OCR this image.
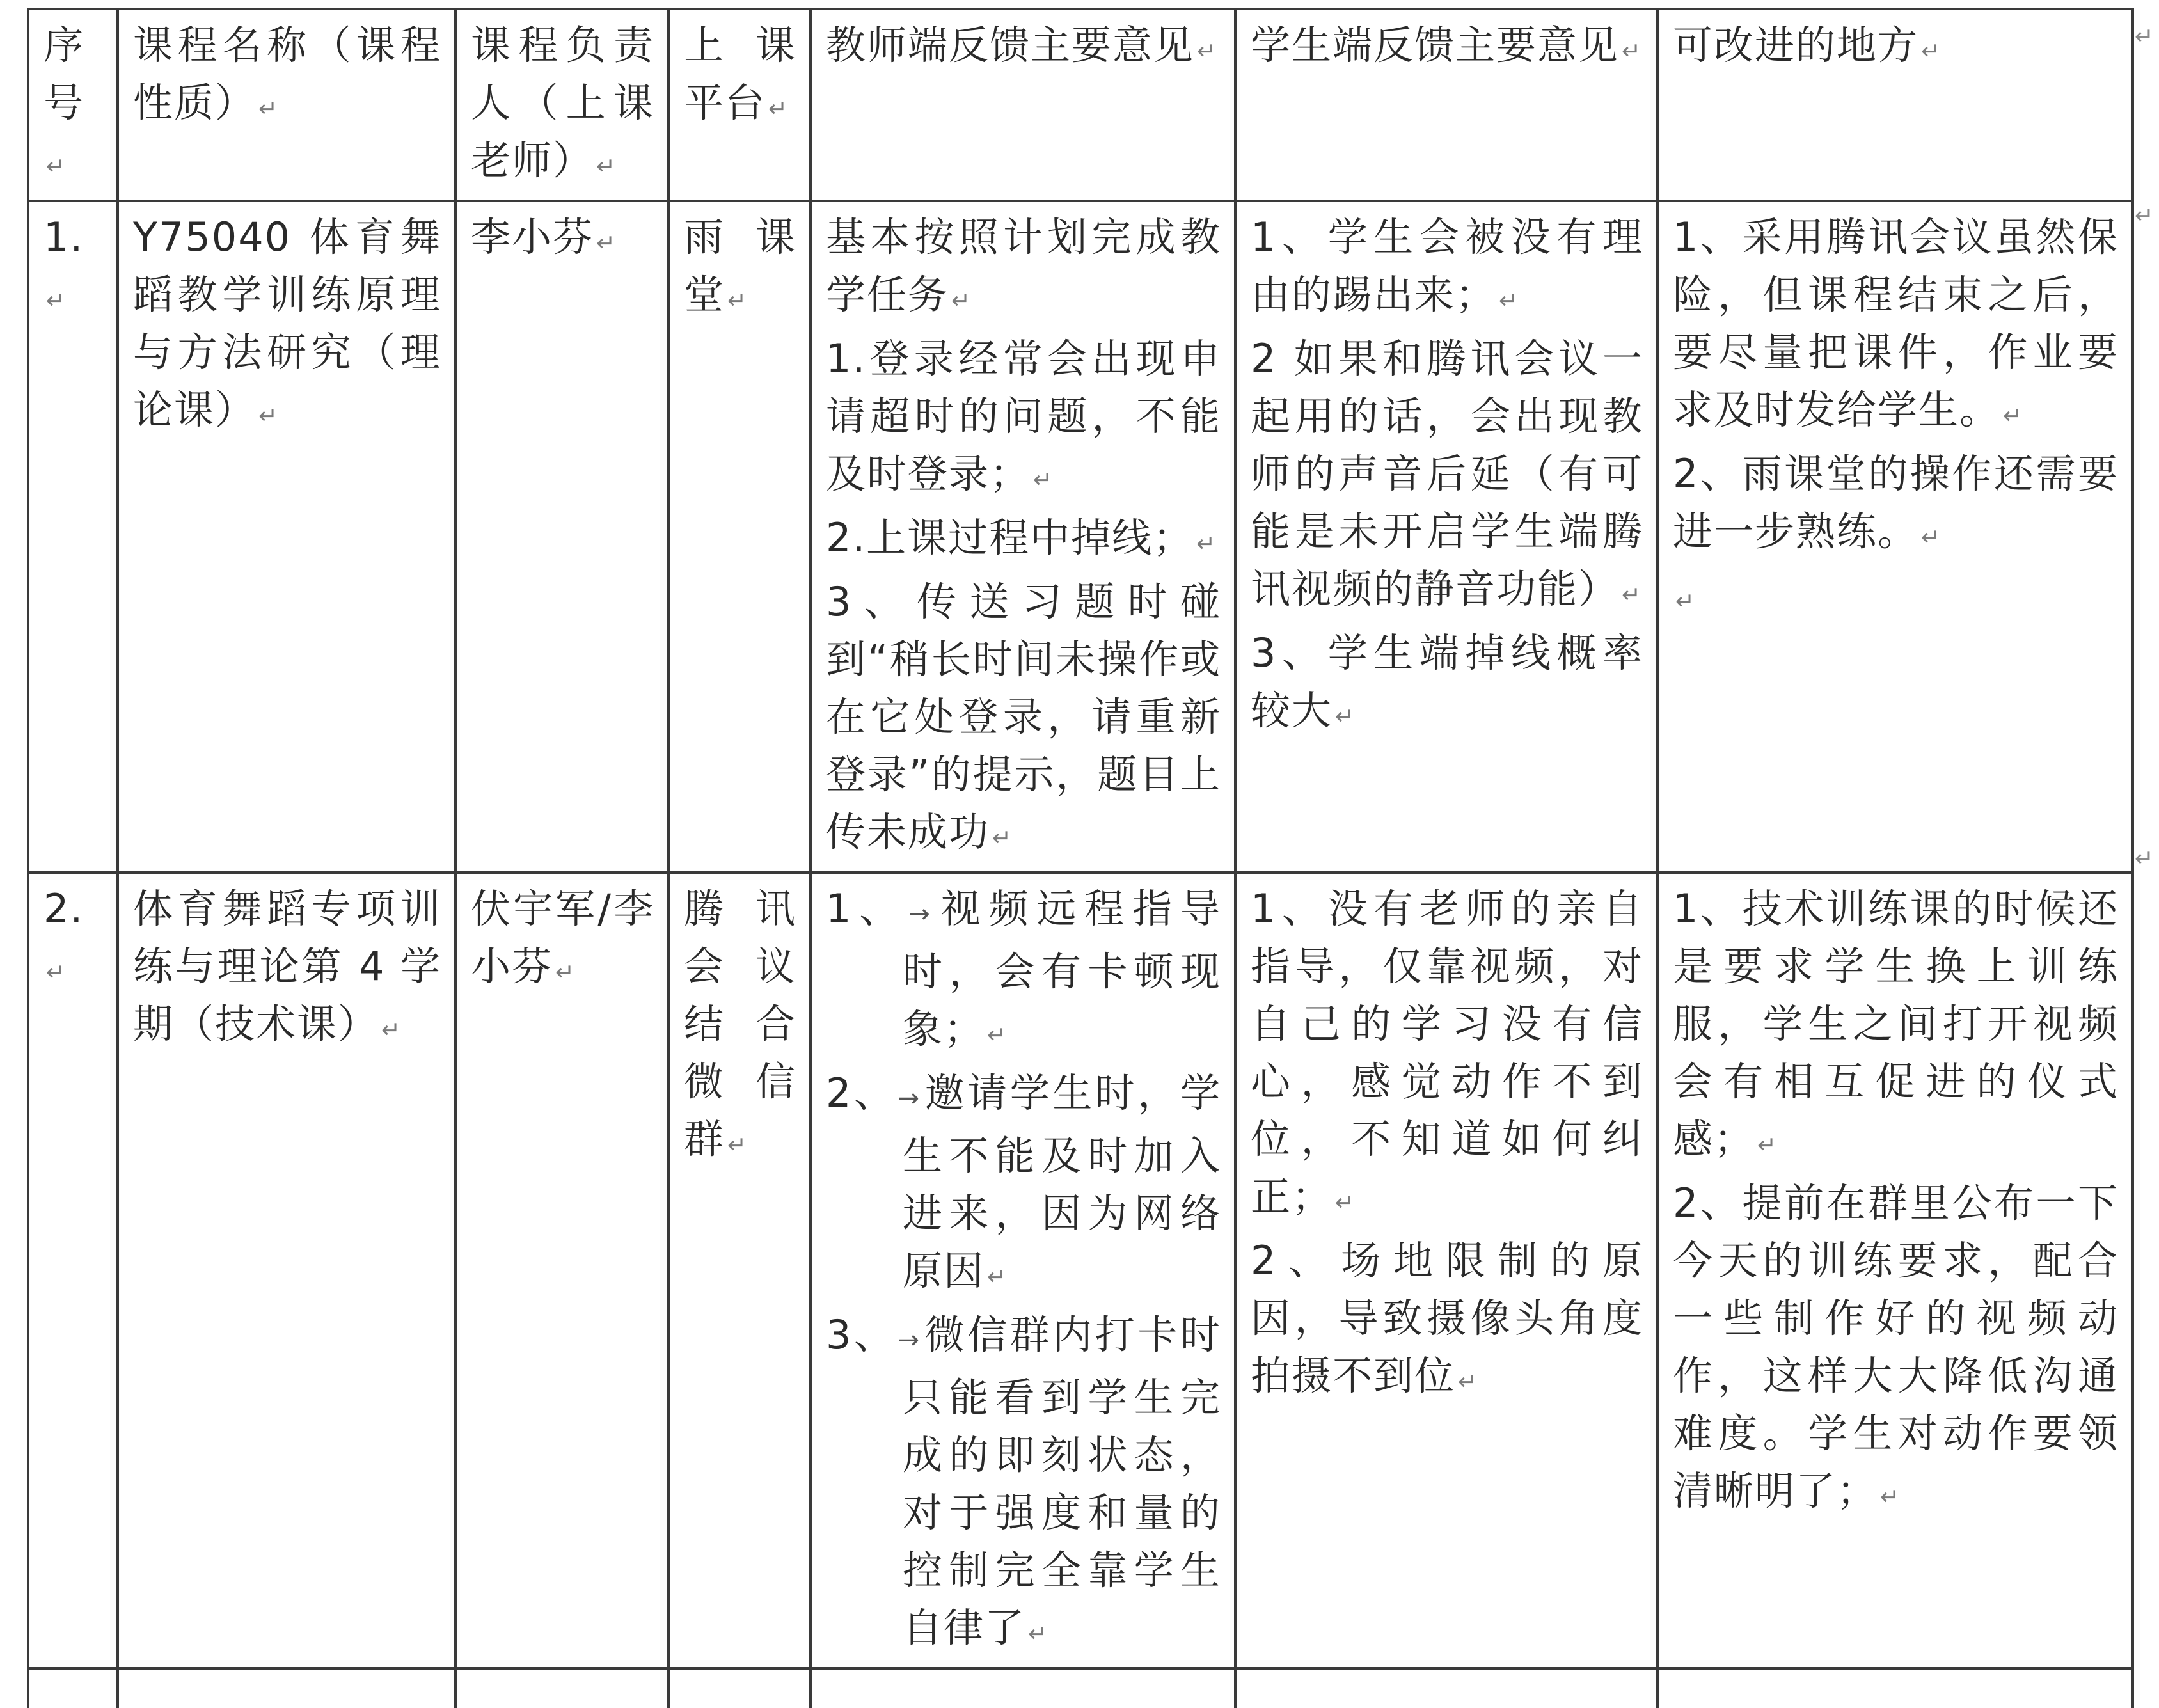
序号↵	课程名称（课程性质） ↵	课程负责人（上课老师） ↵	上课平台 ↵	教师端反馈主要意见 ↵	学生端反馈主要意见 ↵	可改进的地方 ↵
1.↵	Y75040 体育舞蹈教学训练原理与方法研究（理论课） ↵	李小芬 ↵	雨课堂 ↵	基本按照计划完成教学任务 ↵
1.登录经常会出现申请超时的问题，不能及时登录； ↵
2.上课过程中掉线； ↵
3、传送习题时碰到“稍长时间未操作或在它处登录，请重新登录”的提示，题目上传未成功 ↵	1、学生会被没有理由的踢出来； ↵
2 如果和腾讯会议一起用的话，会出现教师的声音后延（有可能是未开启学生端腾讯视频的静音功能） ↵
3、学生端掉线概率较大 ↵	1、采用腾讯会议虽然保险，但课程结束之后，要尽量把课件，作业要求及时发给学生。 ↵
2、雨课堂的操作还需要进一步熟练。 ↵
↵

2.↵	体育舞蹈专项训练与理论第 4 学期（技术课） ↵	伏宇军/李小芬 ↵	腾讯会议结合微信群 ↵	1、→视频远程指导时，会有卡顿现象； ↵
2、→邀请学生时，学生不能及时加入进来，因为网络原因 ↵
3、→微信群内打卡时只能看到学生完成的即刻状态，对于强度和量的控制完全靠学生自律了 ↵	1、没有老师的亲自指导，仅靠视频，对自己的学习没有信心，感觉动作不到位，不知道如何纠正； ↵
2、场地限制的原因，导致摄像头角度拍摄不到位 ↵	1、技术训练课的时候还是要求学生换上训练服，学生之间打开视频会有相互促进的仪式感； ↵
2、提前在群里公布一下今天的训练要求，配合一些制作好的视频动作，这样大大降低沟通难度。学生对动作要领清晰明了； ↵

↵
↵
↵
